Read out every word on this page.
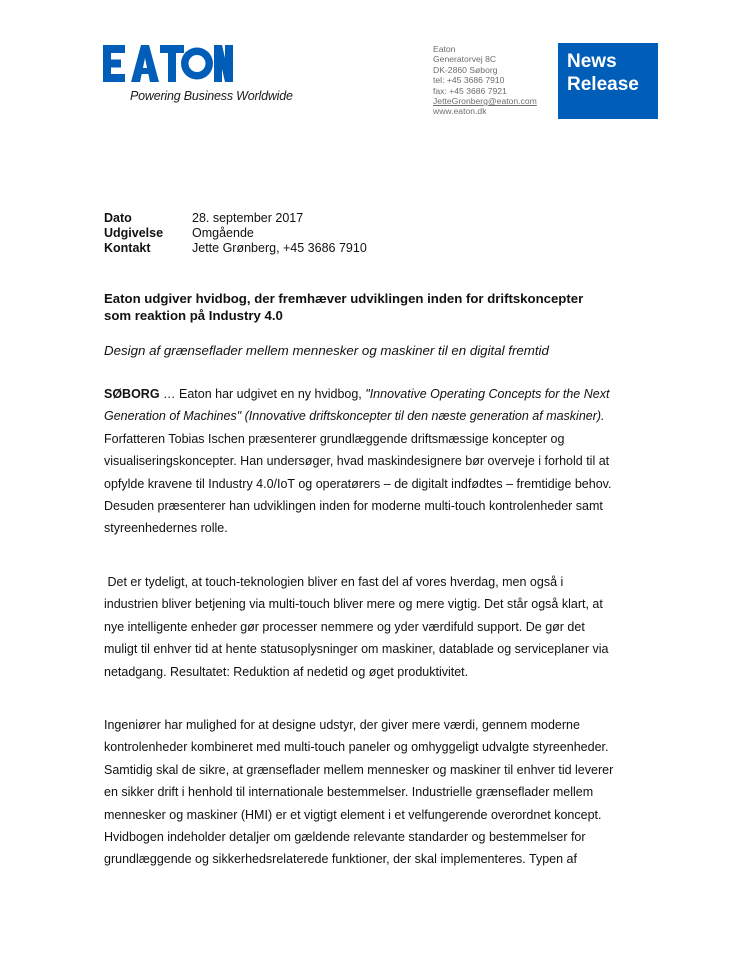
Powering Business Worldwide
Eaton
Generatorvej 8C
DK-2860 Søborg
tel: +45 3686 7910
fax: +45 3686 7921
JetteGronberg@eaton.com
www.eaton.dk
News
Release
Dato	28. september 2017
Udgivelse	Omgående
Kontakt	Jette Grønberg, +45 3686 7910
Eaton udgiver hvidbog, der fremhæver udviklingen inden for driftskoncepter
som reaktion på Industry 4.0
Design af grænseflader mellem mennesker og maskiner til en digital fremtid
SØBORG … Eaton har udgivet en ny hvidbog, "Innovative Operating Concepts for the Next
Generation of Machines" (Innovative driftskoncepter til den næste generation af maskiner).
Forfatteren Tobias Ischen præsenterer grundlæggende driftsmæssige koncepter og
visualiseringskoncepter. Han undersøger, hvad maskindesignere bør overveje i forhold til at
opfylde kravene til Industry 4.0/IoT og operatørers – de digitalt indfødtes – fremtidige behov.
Desuden præsenterer han udviklingen inden for moderne multi-touch kontrolenheder samt
styreenhedernes rolle.
Det er tydeligt, at touch-teknologien bliver en fast del af vores hverdag, men også i
industrien bliver betjening via multi-touch bliver mere og mere vigtig. Det står også klart, at
nye intelligente enheder gør processer nemmere og yder værdifuld support. De gør det
muligt til enhver tid at hente statusoplysninger om maskiner, datablade og serviceplaner via
netadgang. Resultatet: Reduktion af nedetid og øget produktivitet.
Ingeniører har mulighed for at designe udstyr, der giver mere værdi, gennem moderne
kontrolenheder kombineret med multi-touch paneler og omhyggeligt udvalgte styreenheder.
Samtidig skal de sikre, at grænseflader mellem mennesker og maskiner til enhver tid leverer
en sikker drift i henhold til internationale bestemmelser. Industrielle grænseflader mellem
mennesker og maskiner (HMI) er et vigtigt element i et velfungerende overordnet koncept.
Hvidbogen indeholder detaljer om gældende relevante standarder og bestemmelser for
grundlæggende og sikkerhedsrelaterede funktioner, der skal implementeres. Typen af
